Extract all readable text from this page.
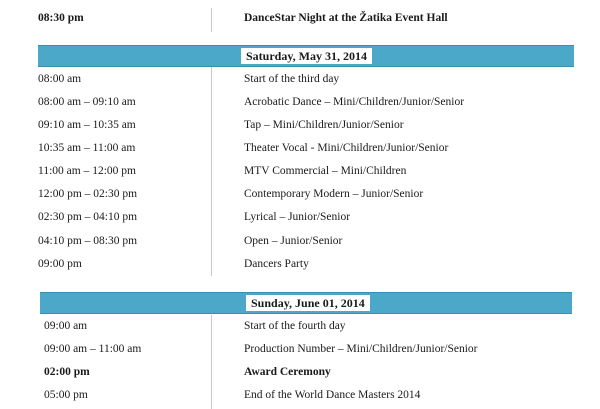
08:30 pm	DanceStar Night at the Žatika Event Hall
Saturday, May 31, 2014
08:00 am	Start of the third day
08:00 am – 09:10 am	Acrobatic Dance – Mini/Children/Junior/Senior
09:10 am – 10:35 am	Tap – Mini/Children/Junior/Senior
10:35 am – 11:00 am	Theater Vocal - Mini/Children/Junior/Senior
11:00 am – 12:00 pm	MTV Commercial – Mini/Children
12:00 pm – 02:30 pm	Contemporary Modern – Junior/Senior
02:30 pm – 04:10 pm	Lyrical – Junior/Senior
04:10 pm – 08:30 pm	Open – Junior/Senior
09:00 pm	Dancers Party
Sunday, June 01, 2014
09:00 am	Start of the fourth day
09:00 am – 11:00 am	Production Number – Mini/Children/Junior/Senior
02:00 pm	Award Ceremony
05:00 pm	End of the World Dance Masters 2014
